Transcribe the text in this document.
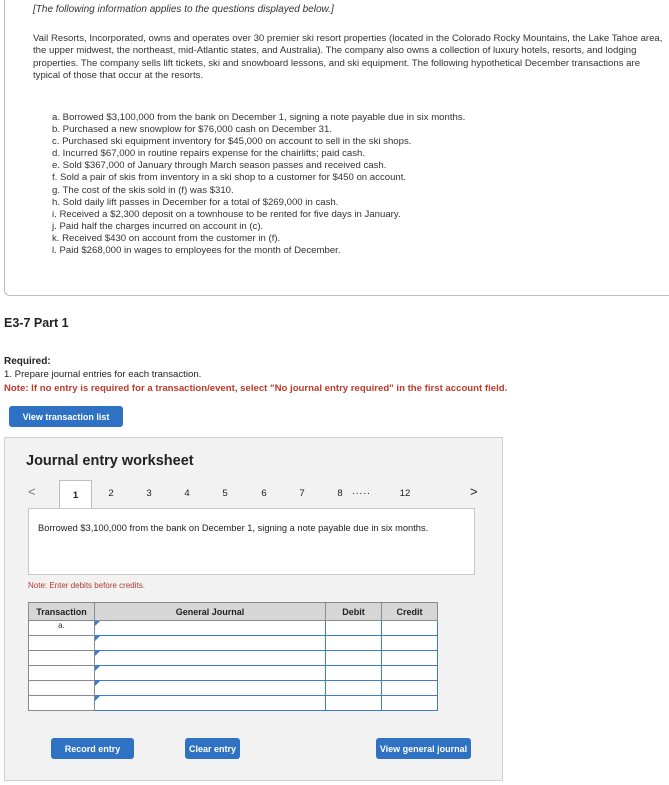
[The following information applies to the questions displayed below.]
Vail Resorts, Incorporated, owns and operates over 30 premier ski resort properties (located in the Colorado Rocky Mountains, the Lake Tahoe area, the upper midwest, the northeast, mid-Atlantic states, and Australia). The company also owns a collection of luxury hotels, resorts, and lodging properties. The company sells lift tickets, ski and snowboard lessons, and ski equipment. The following hypothetical December transactions are typical of those that occur at the resorts.
a. Borrowed $3,100,000 from the bank on December 1, signing a note payable due in six months.
b. Purchased a new snowplow for $76,000 cash on December 31.
c. Purchased ski equipment inventory for $45,000 on account to sell in the ski shops.
d. Incurred $67,000 in routine repairs expense for the chairlifts; paid cash.
e. Sold $367,000 of January through March season passes and received cash.
f. Sold a pair of skis from inventory in a ski shop to a customer for $450 on account.
g. The cost of the skis sold in (f) was $310.
h. Sold daily lift passes in December for a total of $269,000 in cash.
i. Received a $2,300 deposit on a townhouse to be rented for five days in January.
j. Paid half the charges incurred on account in (c).
k. Received $430 on account from the customer in (f).
l. Paid $268,000 in wages to employees for the month of December.
E3-7 Part 1
Required:
1. Prepare journal entries for each transaction.
Note: If no entry is required for a transaction/event, select "No journal entry required" in the first account field.
View transaction list
Journal entry worksheet
<	1	2	3	4	5	6	7	8 .....	12	>
Borrowed $3,100,000 from the bank on December 1, signing a note payable due in six months.
Note: Enter debits before credits.
Transaction	General Journal	Debit	Credit
a.	

Record entry	Clear entry	View general journal
